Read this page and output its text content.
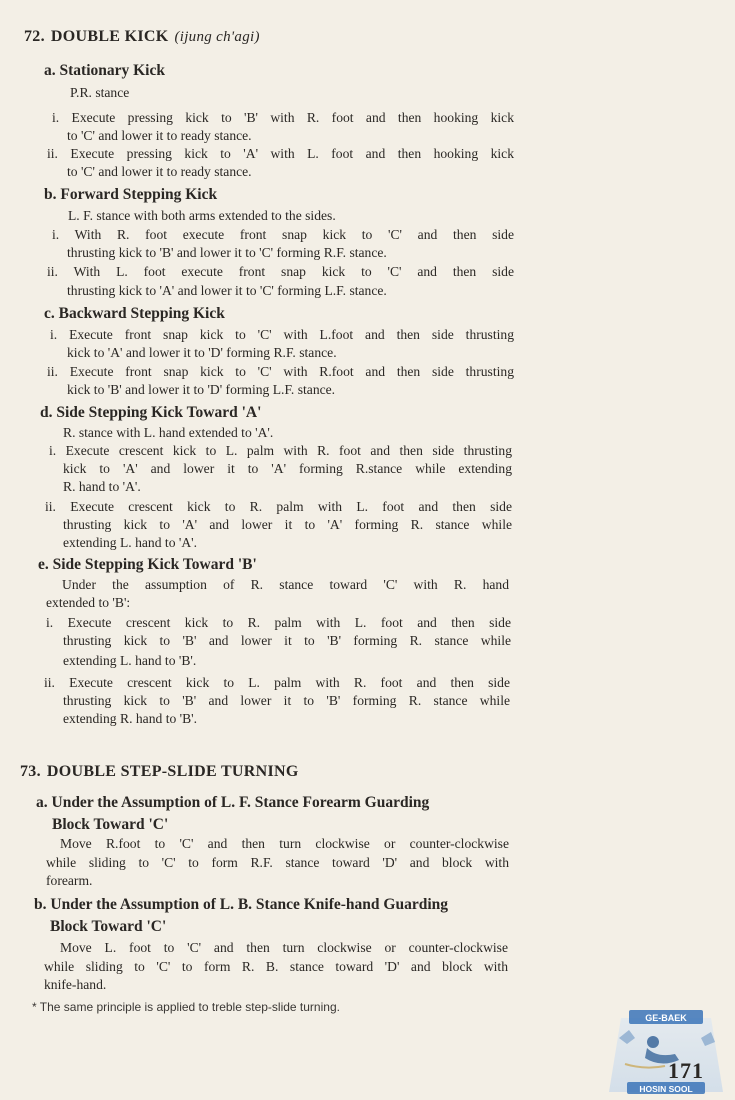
72. DOUBLE KICK (ijung ch'agi)
a. Stationary Kick
P.R. stance
i. Execute pressing kick to 'B' with R. foot and then hooking kick
to 'C' and lower it to ready stance.
ii. Execute pressing kick to 'A' with L. foot and then hooking kick
to 'C' and lower it to ready stance.
b. Forward Stepping Kick
L. F. stance with both arms extended to the sides.
i. With R. foot execute front snap kick to 'C' and then side
thrusting kick to 'B' and lower it to 'C' forming R.F. stance.
ii. With L. foot execute front snap kick to 'C' and then side
thrusting kick to 'A' and lower it to 'C' forming L.F. stance.
c. Backward Stepping Kick
i. Execute front snap kick to 'C' with L.foot and then side thrusting
kick to 'A' and lower it to 'D' forming R.F. stance.
ii. Execute front snap kick to 'C' with R.foot and then side thrusting
kick to 'B' and lower it to 'D' forming L.F. stance.
d. Side Stepping Kick Toward 'A'
R. stance with L. hand extended to 'A'.
i. Execute crescent kick to L. palm with R. foot and then side thrusting
kick to 'A' and lower it to 'A' forming R.stance while extending
R. hand to 'A'.
ii. Execute crescent kick to R. palm with L. foot and then side
thrusting kick to 'A' and lower it to 'A' forming R. stance while
extending L. hand to 'A'.
e. Side Stepping Kick Toward 'B'
Under the assumption of R. stance toward 'C' with R. hand
extended to 'B':
i. Execute crescent kick to R. palm with L. foot and then side
thrusting kick to 'B' and lower it to 'B' forming R. stance while
extending L. hand to 'B'.
ii. Execute crescent kick to L. palm with R. foot and then side
thrusting kick to 'B' and lower it to 'B' forming R. stance while
extending R. hand to 'B'.
73. DOUBLE STEP-SLIDE TURNING
a. Under the Assumption of L. F. Stance Forearm Guarding
Block Toward 'C'
Move R.foot to 'C' and then turn clockwise or counter-clockwise
while sliding to 'C' to form R.F. stance toward 'D' and block with
forearm.
b. Under the Assumption of L. B. Stance Knife-hand Guarding
Block Toward 'C'
Move L. foot to 'C' and then turn clockwise or counter-clockwise
while sliding to 'C' to form R. B. stance toward 'D' and block with
knife-hand.
* The same principle is applied to treble step-slide turning.
GE-BAEK
HOSIN SOOL
171
